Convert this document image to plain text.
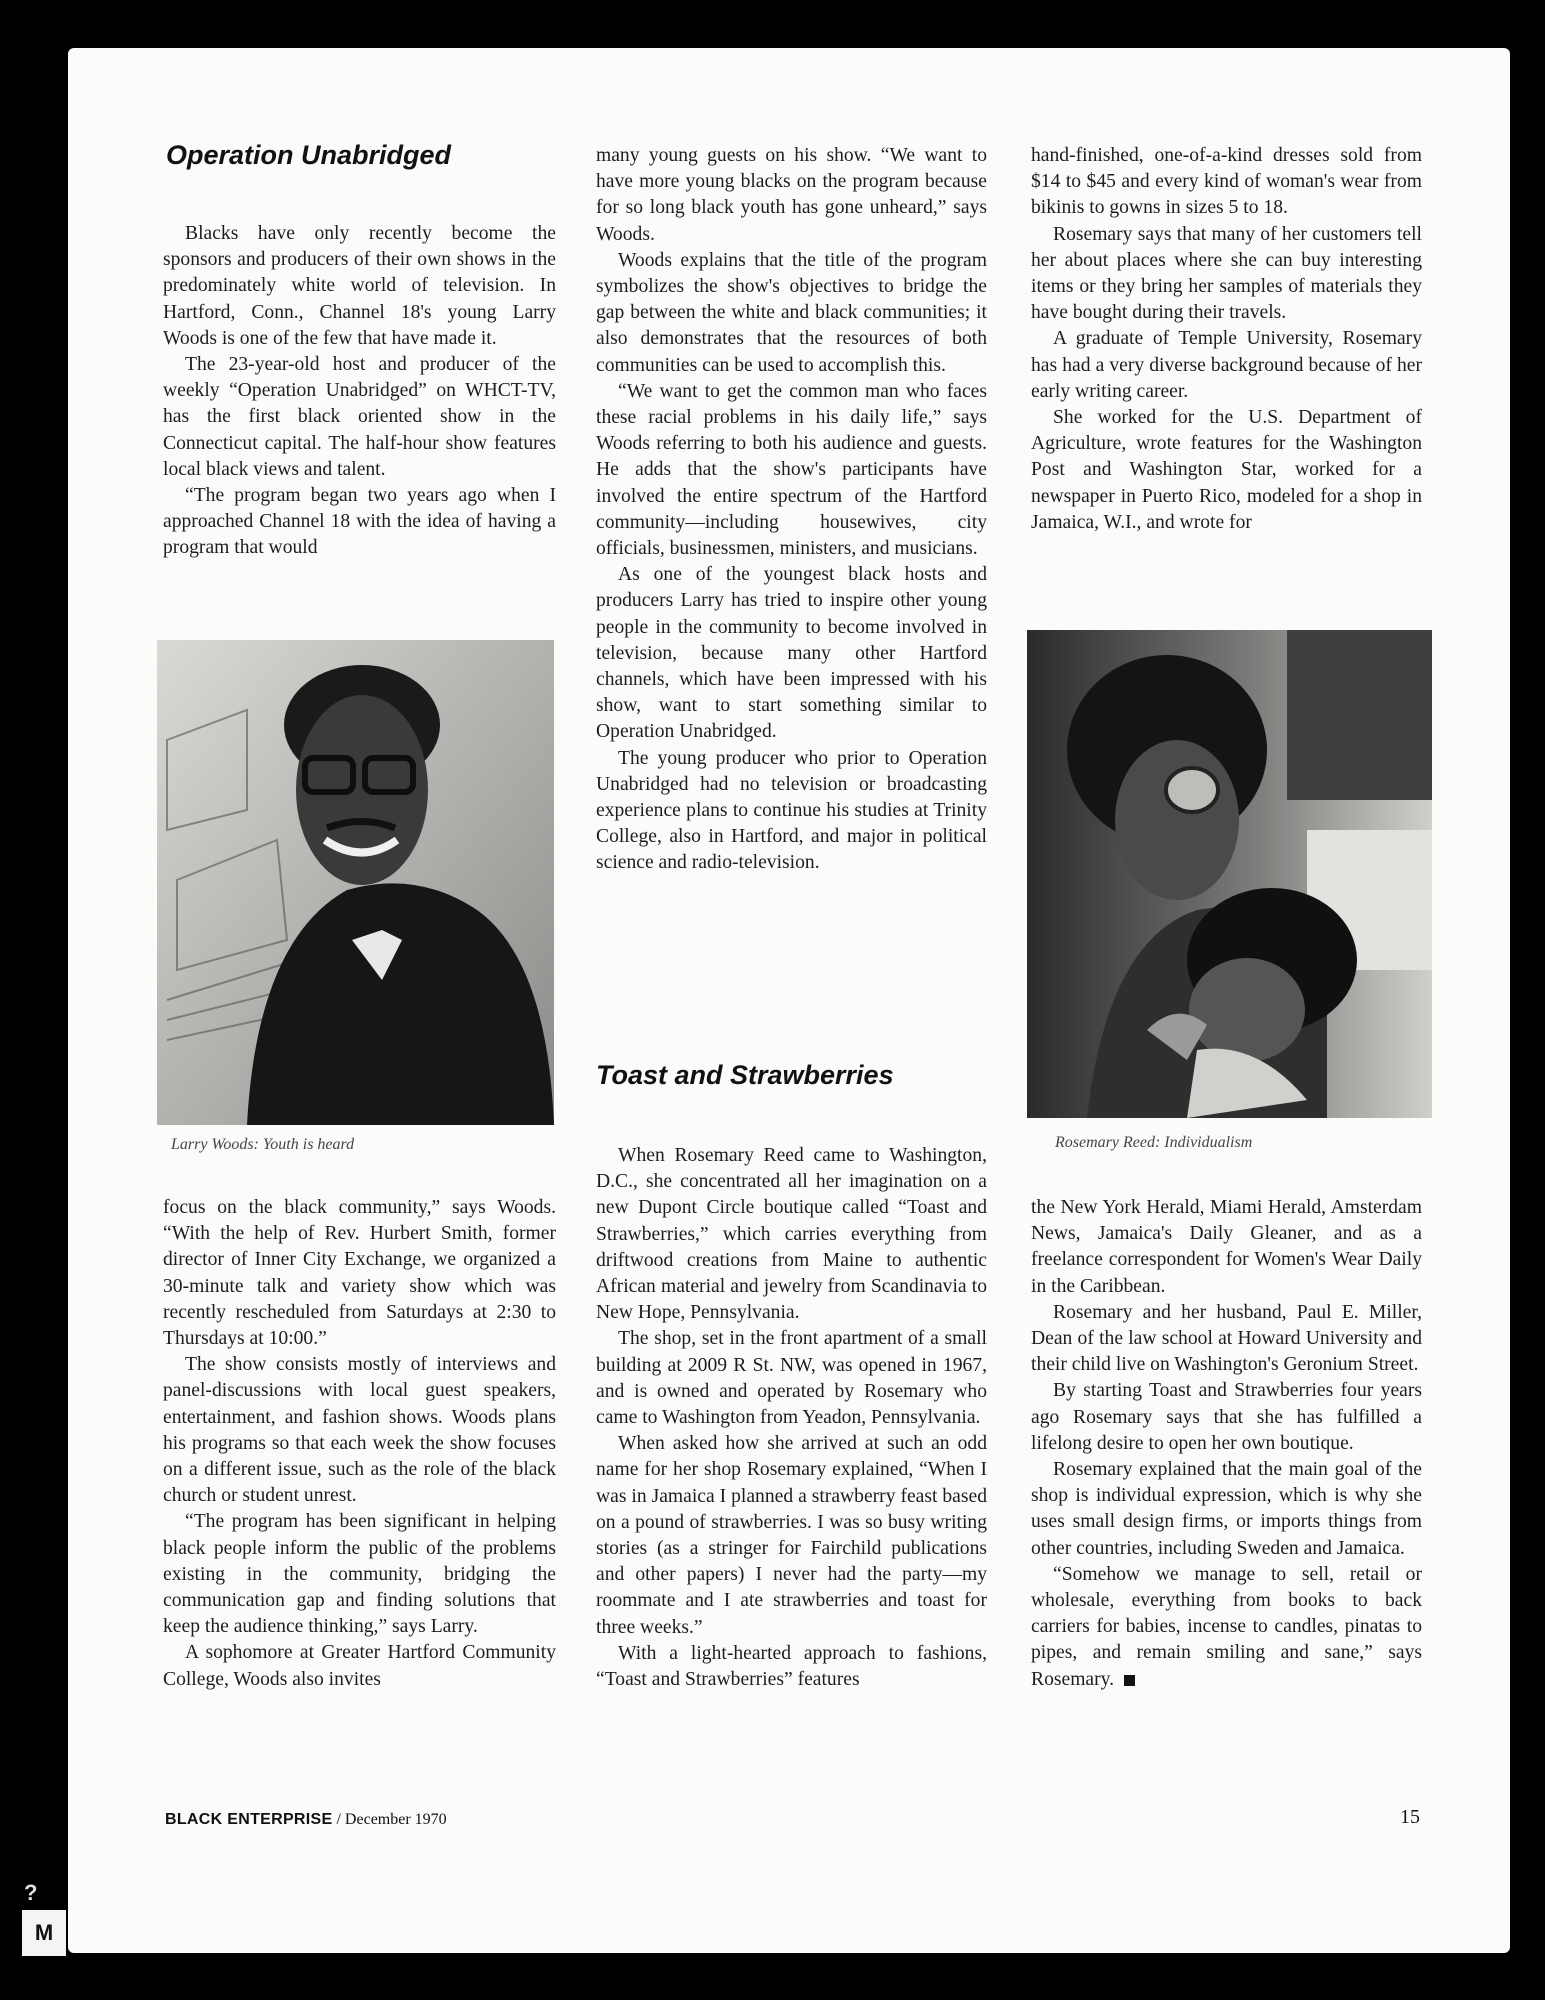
Operation Unabridged

Blacks have only recently become the sponsors and producers of their own shows in the predominately white world of television. In Hartford, Conn., Channel 18's young Larry Woods is one of the few that have made it.

The 23-year-old host and producer of the weekly “Operation Unabridged” on WHCT-TV, has the first black oriented show in the Connecticut capital. The half-hour show features local black views and talent.

“The program began two years ago when I approached Channel 18 with the idea of having a program that would

Larry Woods: Youth is heard

focus on the black community,” says Woods. “With the help of Rev. Hurbert Smith, former director of Inner City Exchange, we organized a 30-minute talk and variety show which was recently rescheduled from Saturdays at 2:30 to Thursdays at 10:00.”

The show consists mostly of interviews and panel-discussions with local guest speakers, entertainment, and fashion shows. Woods plans his programs so that each week the show focuses on a different issue, such as the role of the black church or student unrest.

“The program has been significant in helping black people inform the public of the problems existing in the community, bridging the communication gap and finding solutions that keep the audience thinking,” says Larry.

A sophomore at Greater Hartford Community College, Woods also invites

many young guests on his show. “We want to have more young blacks on the program because for so long black youth has gone unheard,” says Woods.

Woods explains that the title of the program symbolizes the show's objectives to bridge the gap between the white and black communities; it also demonstrates that the resources of both communities can be used to accomplish this.

“We want to get the common man who faces these racial problems in his daily life,” says Woods referring to both his audience and guests. He adds that the show's participants have involved the entire spectrum of the Hartford community—including housewives, city officials, businessmen, ministers, and musicians.

As one of the youngest black hosts and producers Larry has tried to inspire other young people in the community to become involved in television, because many other Hartford channels, which have been impressed with his show, want to start something similar to Operation Unabridged.

The young producer who prior to Operation Unabridged had no television or broadcasting experience plans to continue his studies at Trinity College, also in Hartford, and major in political science and radio-television.

Toast and Strawberries

When Rosemary Reed came to Washington, D.C., she concentrated all her imagination on a new Dupont Circle boutique called “Toast and Strawberries,” which carries everything from driftwood creations from Maine to authentic African material and jewelry from Scandinavia to New Hope, Pennsylvania.

The shop, set in the front apartment of a small building at 2009 R St. NW, was opened in 1967, and is owned and operated by Rosemary who came to Washington from Yeadon, Pennsylvania.

When asked how she arrived at such an odd name for her shop Rosemary explained, “When I was in Jamaica I planned a strawberry feast based on a pound of strawberries. I was so busy writing stories (as a stringer for Fairchild publications and other papers) I never had the party—my roommate and I ate strawberries and toast for three weeks.”

With a light-hearted approach to fashions, “Toast and Strawberries” features

hand-finished, one-of-a-kind dresses sold from $14 to $45 and every kind of woman's wear from bikinis to gowns in sizes 5 to 18.

Rosemary says that many of her customers tell her about places where she can buy interesting items or they bring her samples of materials they have bought during their travels.

A graduate of Temple University, Rosemary has had a very diverse background because of her early writing career.

She worked for the U.S. Department of Agriculture, wrote features for the Washington Post and Washington Star, worked for a newspaper in Puerto Rico, modeled for a shop in Jamaica, W.I., and wrote for

Rosemary Reed: Individualism

the New York Herald, Miami Herald, Amsterdam News, Jamaica's Daily Gleaner, and as a freelance correspondent for Women's Wear Daily in the Caribbean.

Rosemary and her husband, Paul E. Miller, Dean of the law school at Howard University and their child live on Washington's Geronium Street.

By starting Toast and Strawberries four years ago Rosemary says that she has fulfilled a lifelong desire to open her own boutique.

Rosemary explained that the main goal of the shop is individual expression, which is why she uses small design firms, or imports things from other countries, including Sweden and Jamaica.

“Somehow we manage to sell, retail or wholesale, everything from books to back carriers for babies, incense to candles, pinatas to pipes, and remain smiling and sane,” says Rosemary.

BLACK ENTERPRISE / December 1970	15
?
M
